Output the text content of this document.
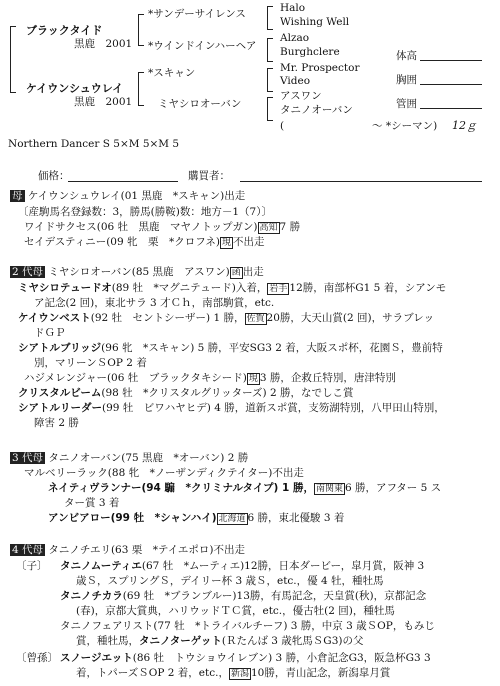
ブラックタイド
黒鹿　2001
ケイウンシュウレイ
黒鹿　2001
*サンデーサイレンス
*ウインドインハーヘア
*スキャン
ミヤシロオーバン
Halo
Wishing Well
Alzao
Burghclere
Mr. Prospector
Video
アスワン
タニノオーバン
(	～ *シーマン) 12ｇ
体高
胸囲
管囲
Northern Dancer S 5×M 5×M 5
価格：	購買者：
母 ケイウンシュウレイ(01 黒鹿　*スキャン)出走
〔産駒馬名登録数：3，勝馬(勝鞍)数：地方－1（7）〕
ワイドサクセス(06 牡　黒鹿　マヤノトップガン) 高知 7 勝
セイデスティニー(09 牝　栗　*クロフネ) 現 不出走
2 代母 ミヤシロオーバン(85 黒鹿　アスワン) 函 出走
ミヤシロテュードオ(89 牡　*マグニテュード)入着， 岩手 12勝，南部杯G1 5 着，シアンモ
ア記念(2 回)，東北サラ 3 才Ｃｈ，南部駒賞，etc.
ケイウンベスト(92 牡　セントシーザー) 1 勝， 佐賀 20勝，大天山賞(2 回)，サラブレッ
ドＧＰ
シアトルブリッジ(96 牝　*スキャン) 5 勝，平安SG3 2 着，大阪スポ杯，花園Ｓ，豊前特
別，マリーンＳOP 2 着
ハジメレンジャー(06 牡　ブラックタキシード) 現 3 勝，企救丘特別，唐津特別
クリスタルビーム(98 牡　*クリスタルグリッターズ) 2 勝，なでしこ賞
シアトルリーダー(99 牡　ビワハヤヒデ) 4 勝，道新スポ賞，支笏湖特別，八甲田山特別，
障害 2 勝
3 代母 タニノオーバン(75 黒鹿　*オーバン) 2 勝
マルベリーラック(88 牝　*ノーザンディクテイター)不出走
ネイティヴランナー(94 騸　*クリミナルタイプ) 1 勝， 南関東 6 勝，アフター 5 ス
ター賞 3 着
アンビアロー(99 牡　*シャンハイ) 北海道 6 勝，東北優駿 3 着
4 代母 タニノチエリ(63 栗　*テイエポロ)不出走
〔子〕 タニノムーティエ(67 牡　*ムーティエ)12勝，日本ダービー，皐月賞，阪神 3
歳Ｓ，スプリングＳ，デイリー杯 3 歳Ｓ，etc.，優 4 牡，種牡馬
タニノチカラ(69 牡　*ブランブルー)13勝，有馬記念，天皇賞(秋)，京都記念
(春)，京都大賞典，ハリウッドＴＣ賞，etc.，優古牡(2 回)，種牡馬
タニノフェアリスト(77 牡　*トライバルチーフ) 3 勝，中京 3 歳ＳOP，もみじ
賞，種牡馬，タニノターゲット(Ｒたんば 3 歳牝馬ＳG3)の父
〔曾孫〕 スノージエット(86 牡　トウショウイレブン) 3 勝，小倉記念G3，阪急杯G3 3
着，トパーズＳOP 2 着，etc.， 新潟 10勝，青山記念，新潟皐月賞
